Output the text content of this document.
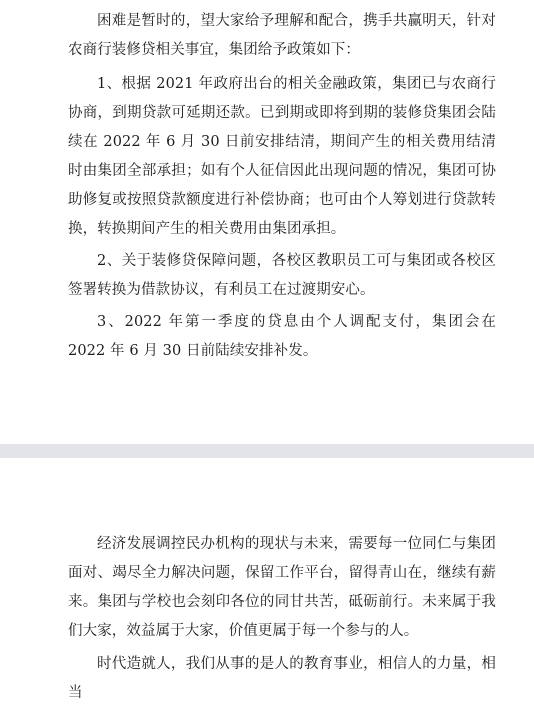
困难是暂时的，望大家给予理解和配合，携手共赢明天，针对农商行装修贷相关事宜，集团给予政策如下：

1、根据 2021 年政府出台的相关金融政策，集团已与农商行协商，到期贷款可延期还款。已到期或即将到期的装修贷集团会陆续在 2022 年 6 月 30 日前安排结清，期间产生的相关费用结清时由集团全部承担；如有个人征信因此出现问题的情况，集团可协助修复或按照贷款额度进行补偿协商；也可由个人筹划进行贷款转换，转换期间产生的相关费用由集团承担。

2、关于装修贷保障问题，各校区教职员工可与集团或各校区签署转换为借款协议，有利员工在过渡期安心。

3、2022 年第一季度的贷息由个人调配支付，集团会在 2022 年 6 月 30 日前陆续安排补发。

经济发展调控民办机构的现状与未来，需要每一位同仁与集团面对、竭尽全力解决问题，保留工作平台，留得青山在，继续有薪来。集团与学校也会刻印各位的同甘共苦，砥砺前行。未来属于我们大家，效益属于大家，价值更属于每一个参与的人。

时代造就人，我们从事的是人的教育事业，相信人的力量，相当
